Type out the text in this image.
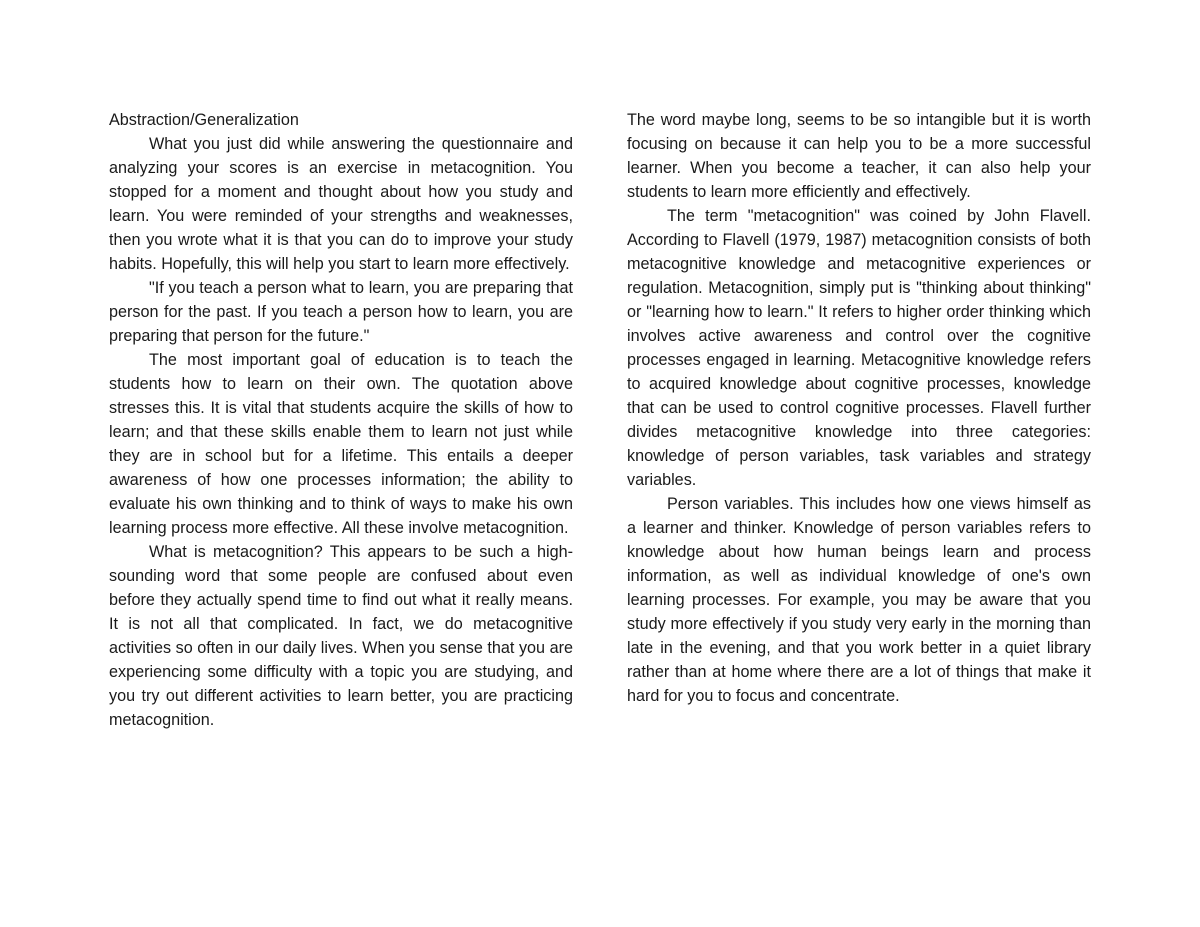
Abstraction/Generalization

What you just did while answering the questionnaire and analyzing your scores is an exercise in metacognition. You stopped for a moment and thought about how you study and learn. You were reminded of your strengths and weaknesses, then you wrote what it is that you can do to improve your study habits. Hopefully, this will help you start to learn more effectively.

"If you teach a person what to learn, you are preparing that person for the past. If you teach a person how to learn, you are preparing that person for the future."

The most important goal of education is to teach the students how to learn on their own. The quotation above stresses this. It is vital that students acquire the skills of how to learn; and that these skills enable them to learn not just while they are in school but for a lifetime. This entails a deeper awareness of how one processes information; the ability to evaluate his own thinking and to think of ways to make his own learning process more effective. All these involve metacognition.

What is metacognition? This appears to be such a high-sounding word that some people are confused about even before they actually spend time to find out what it really means. It is not all that complicated. In fact, we do metacognitive activities so often in our daily lives. When you sense that you are experiencing some difficulty with a topic you are studying, and you try out different activities to learn better, you are practicing metacognition.

The word maybe long, seems to be so intangible but it is worth focusing on because it can help you to be a more successful learner. When you become a teacher, it can also help your students to learn more efficiently and effectively.

The term "metacognition" was coined by John Flavell. According to Flavell (1979, 1987) metacognition consists of both metacognitive knowledge and metacognitive experiences or regulation. Metacognition, simply put is "thinking about thinking" or "learning how to learn." It refers to higher order thinking which involves active awareness and control over the cognitive processes engaged in learning. Metacognitive knowledge refers to acquired knowledge about cognitive processes, knowledge that can be used to control cognitive processes. Flavell further divides metacognitive knowledge into three categories: knowledge of person variables, task variables and strategy variables.

Person variables. This includes how one views himself as a learner and thinker. Knowledge of person variables refers to knowledge about how human beings learn and process information, as well as individual knowledge of one's own learning processes. For example, you may be aware that you study more effectively if you study very early in the morning than late in the evening, and that you work better in a quiet library rather than at home where there are a lot of things that make it hard for you to focus and concentrate.
